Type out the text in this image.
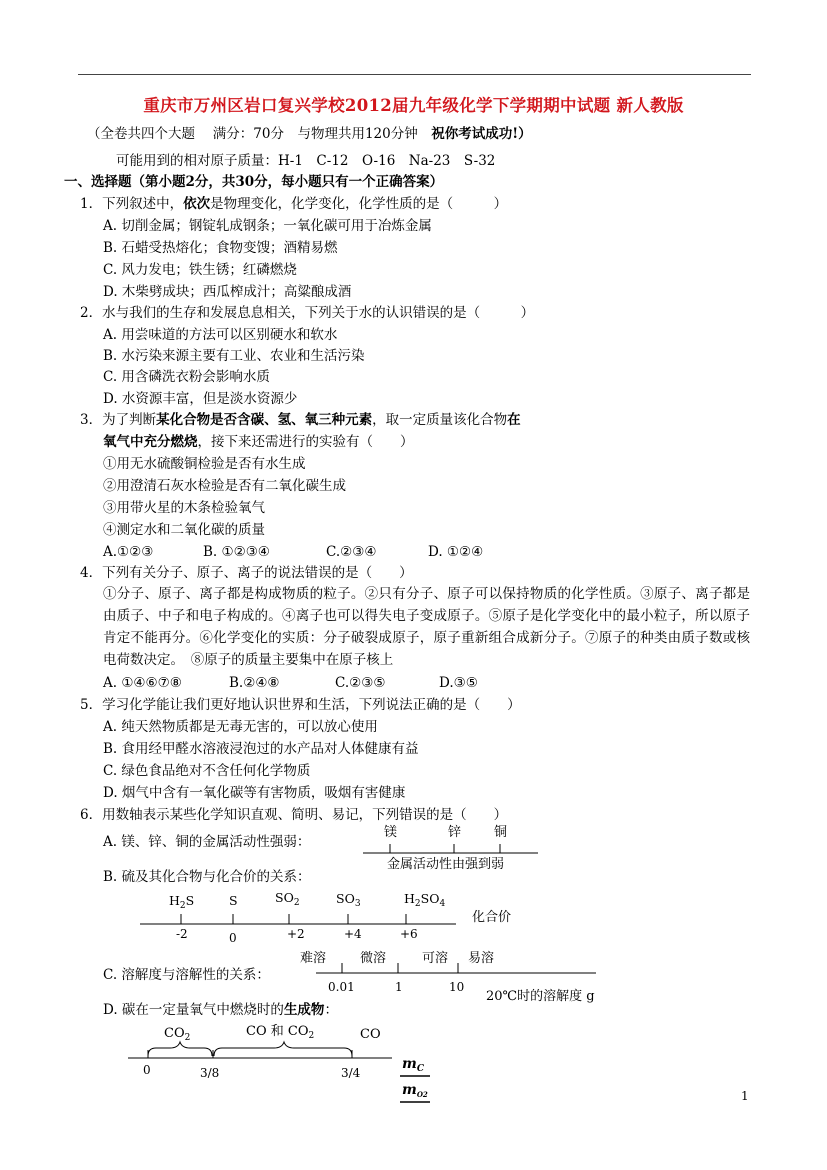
重庆市万州区岩口复兴学校2012届九年级化学下学期期中试题 新人教版
（全卷共四个大题　 满分：70分　与物理共用120分钟　祝你考试成功!）
可能用到的相对原子质量：H-1　C-12　O-16　Na-23　S-32
一、选择题（第小题2分，共30分，每小题只有一个正确答案）
1．下列叙述中，依次是物理变化，化学变化，化学性质的是（　　　）
A. 切削金属；钢锭轧成钢条；一氧化碳可用于冶炼金属
B. 石蜡受热熔化；食物变馊；酒精易燃
C. 风力发电；铁生锈；红磷燃烧
D. 木柴劈成块；西瓜榨成汁；高粱酿成酒
2．水与我们的生存和发展息息相关，下列关于水的认识错误的是（　　　）
A. 用尝味道的方法可以区别硬水和软水
B. 水污染来源主要有工业、农业和生活污染
C. 用含磷洗衣粉会影响水质
D. 水资源丰富，但是淡水资源少
3．为了判断某化合物是否含碳、氢、氧三种元素，取一定质量该化合物在
氧气中充分燃烧，接下来还需进行的实验有（　　）
①用无水硫酸铜检验是否有水生成
②用澄清石灰水检验是否有二氧化碳生成
③用带火星的木条检验氧气
④测定水和二氧化碳的质量
A.①②③	B. ①②③④	C.②③④	D. ①②④
4．下列有关分子、原子、离子的说法错误的是（　　）
①分子、原子、离子都是构成物质的粒子。②只有分子、原子可以保持物质的化学性质。③原子、离子都是由质子、中子和电子构成的。④离子也可以得失电子变成原子。⑤原子是化学变化中的最小粒子，所以原子肯定不能再分。⑥化学变化的实质：分子破裂成原子，原子重新组合成新分子。⑦原子的种类由质子数或核电荷数决定。　⑧原子的质量主要集中在原子核上
A. ①④⑥⑦⑧	B.②④⑧	C.②③⑤	D.③⑤
5．学习化学能让我们更好地认识世界和生活，下列说法正确的是（　　）
A. 纯天然物质都是无毒无害的，可以放心使用
B. 食用经甲醛水溶液浸泡过的水产品对人体健康有益
C. 绿色食品绝对不含任何化学物质
D. 烟气中含有一氧化碳等有害物质，吸烟有害健康
6．用数轴表示某些化学知识直观、简明、易记，下列错误的是（　　）
A. 镁、锌、铜的金属活动性强弱：
B. 硫及其化合物与化合价的关系：
C. 溶解度与溶解性的关系：
D. 碳在一定量氧气中燃烧时的生成物：
镁	锌	铜
金属活动性由强到弱
$H_2S$	S	$SO_2$	$SO_3$	$H_2SO_4$
-2	0	+2	+4	+6
化合价
难溶	微溶	可溶 易溶
0.01	1	10
20℃时的溶解度 g
$CO_2$	CO 和 $CO_2$	CO
0	3/8	3/4
$m_C$
$m_{O2}$	1
